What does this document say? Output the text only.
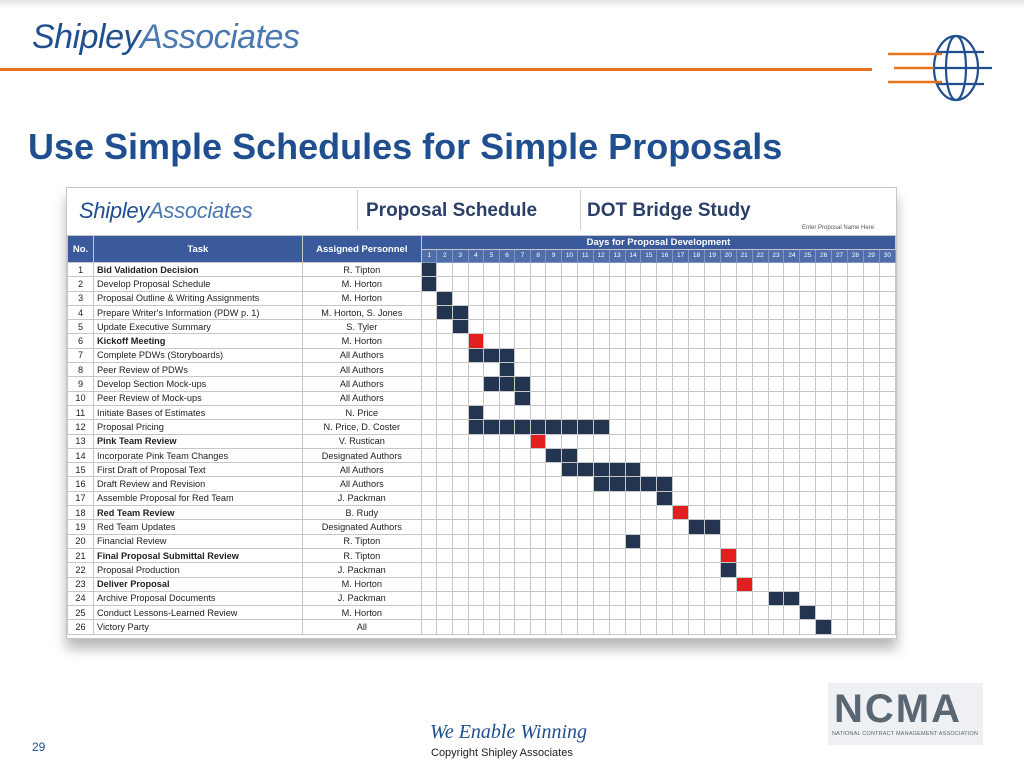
ShipleyAssociates
Use Simple Schedules for Simple Proposals
ShipleyAssociates	Proposal Schedule	DOT Bridge Study
Enter Proposal Name Here
No.	Task	Assigned Personnel	Days for Proposal Development																													
			1	2	3	4	5	6	7	8	9	10	11	12	13	14	15	16	17	18	19	20	21	22	23	24	25	26	27	28	29	30
1	Bid Validation Decision	R. Tipton																														
2	Develop Proposal Schedule	M. Horton																														
3	Proposal Outline & Writing Assignments	M. Horton																														
4	Prepare Writer's Information (PDW p. 1)	M. Horton, S. Jones																														
5	Update Executive Summary	S. Tyler																														
6	Kickoff Meeting	M. Horton																														
7	Complete PDWs (Storyboards)	All Authors																														
8	Peer Review of PDWs	All Authors																														
9	Develop Section Mock-ups	All Authors																														
10	Peer Review of Mock-ups	All Authors																														
11	Initiate Bases of Estimates	N. Price																														
12	Proposal Pricing	N. Price, D. Coster																														
13	Pink Team Review	V. Rustican																														
14	Incorporate Pink Team Changes	Designated Authors																														
15	First Draft of Proposal Text	All Authors																														
16	Draft Review and Revision	All Authors																														
17	Assemble Proposal for Red Team	J. Packman																														
18	Red Team Review	B. Rudy																														
19	Red Team Updates	Designated Authors																														
20	Financial Review	R. Tipton																														
21	Final Proposal Submittal Review	R. Tipton																														
22	Proposal Production	J. Packman																														
23	Deliver Proposal	M. Horton																														
24	Archive Proposal Documents	J. Packman																														
25	Conduct Lessons-Learned Review	M. Horton																														
26	Victory Party	All																														
29
We Enable Winning
Copyright Shipley Associates
NCMA
NATIONAL CONTRACT MANAGEMENT ASSOCIATION
